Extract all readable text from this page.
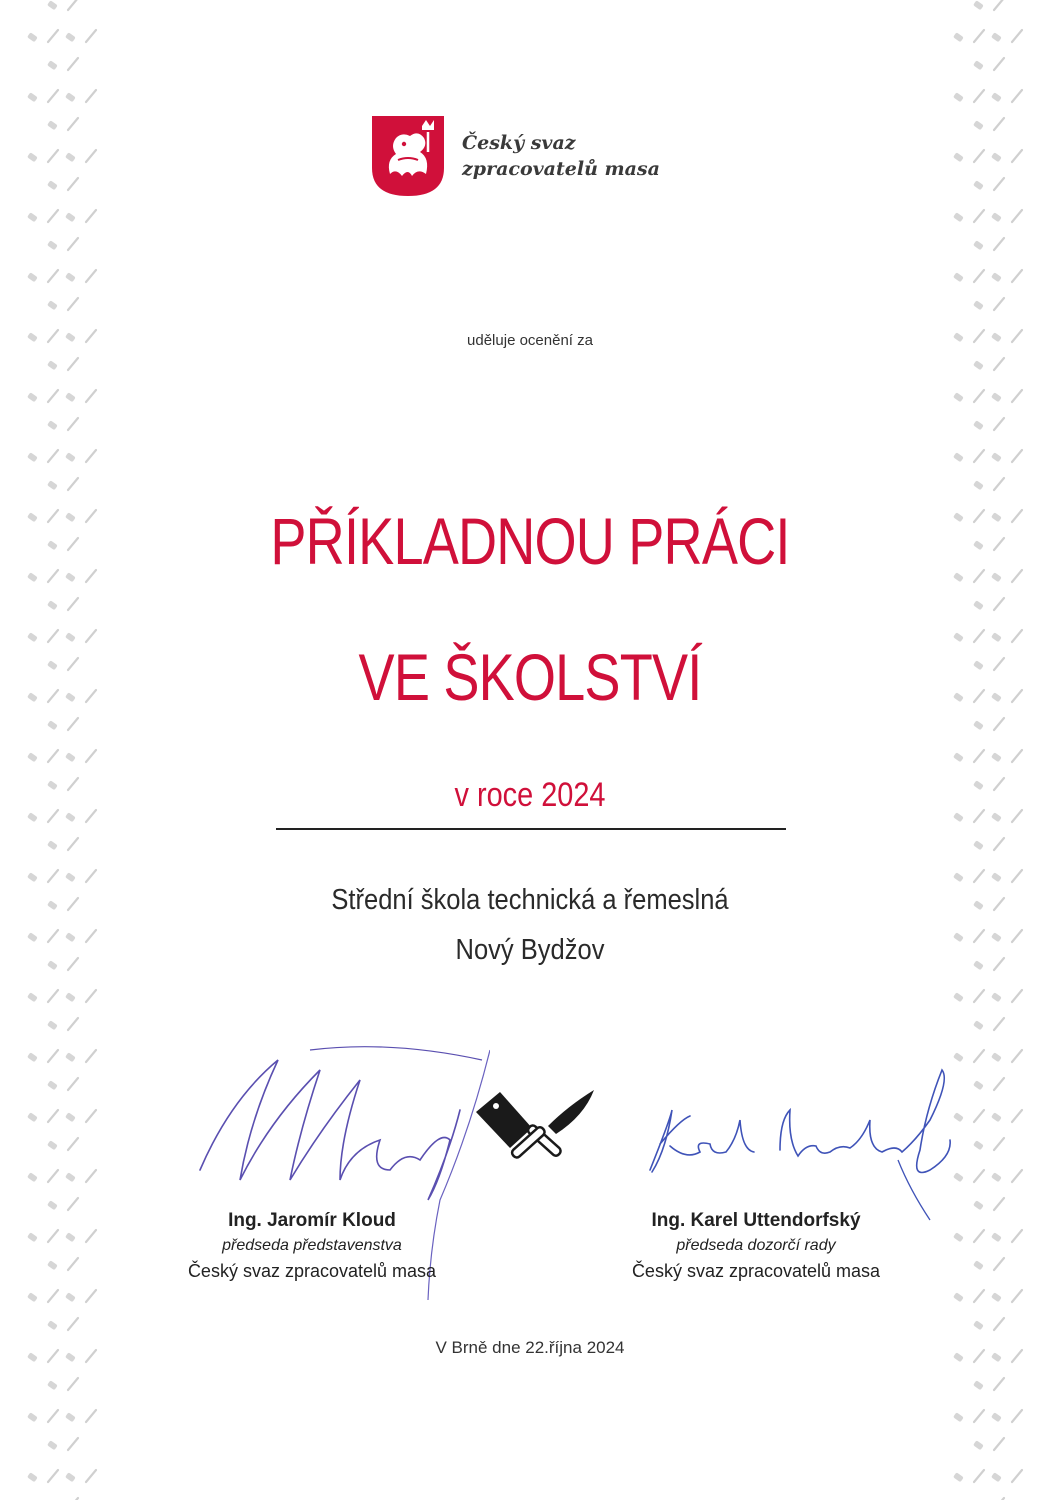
Český svaz
zpracovatelů masa
uděluje ocenění za
PŘÍKLADNOU PRÁCI
VE ŠKOLSTVÍ
v roce 2024
Střední škola technická a řemeslná
Nový Bydžov
Ing. Jaromír Kloud
předseda představenstva
Český svaz zpracovatelů masa
Ing. Karel Uttendorfský
předseda dozorčí rady
Český svaz zpracovatelů masa
V Brně dne 22.října 2024
